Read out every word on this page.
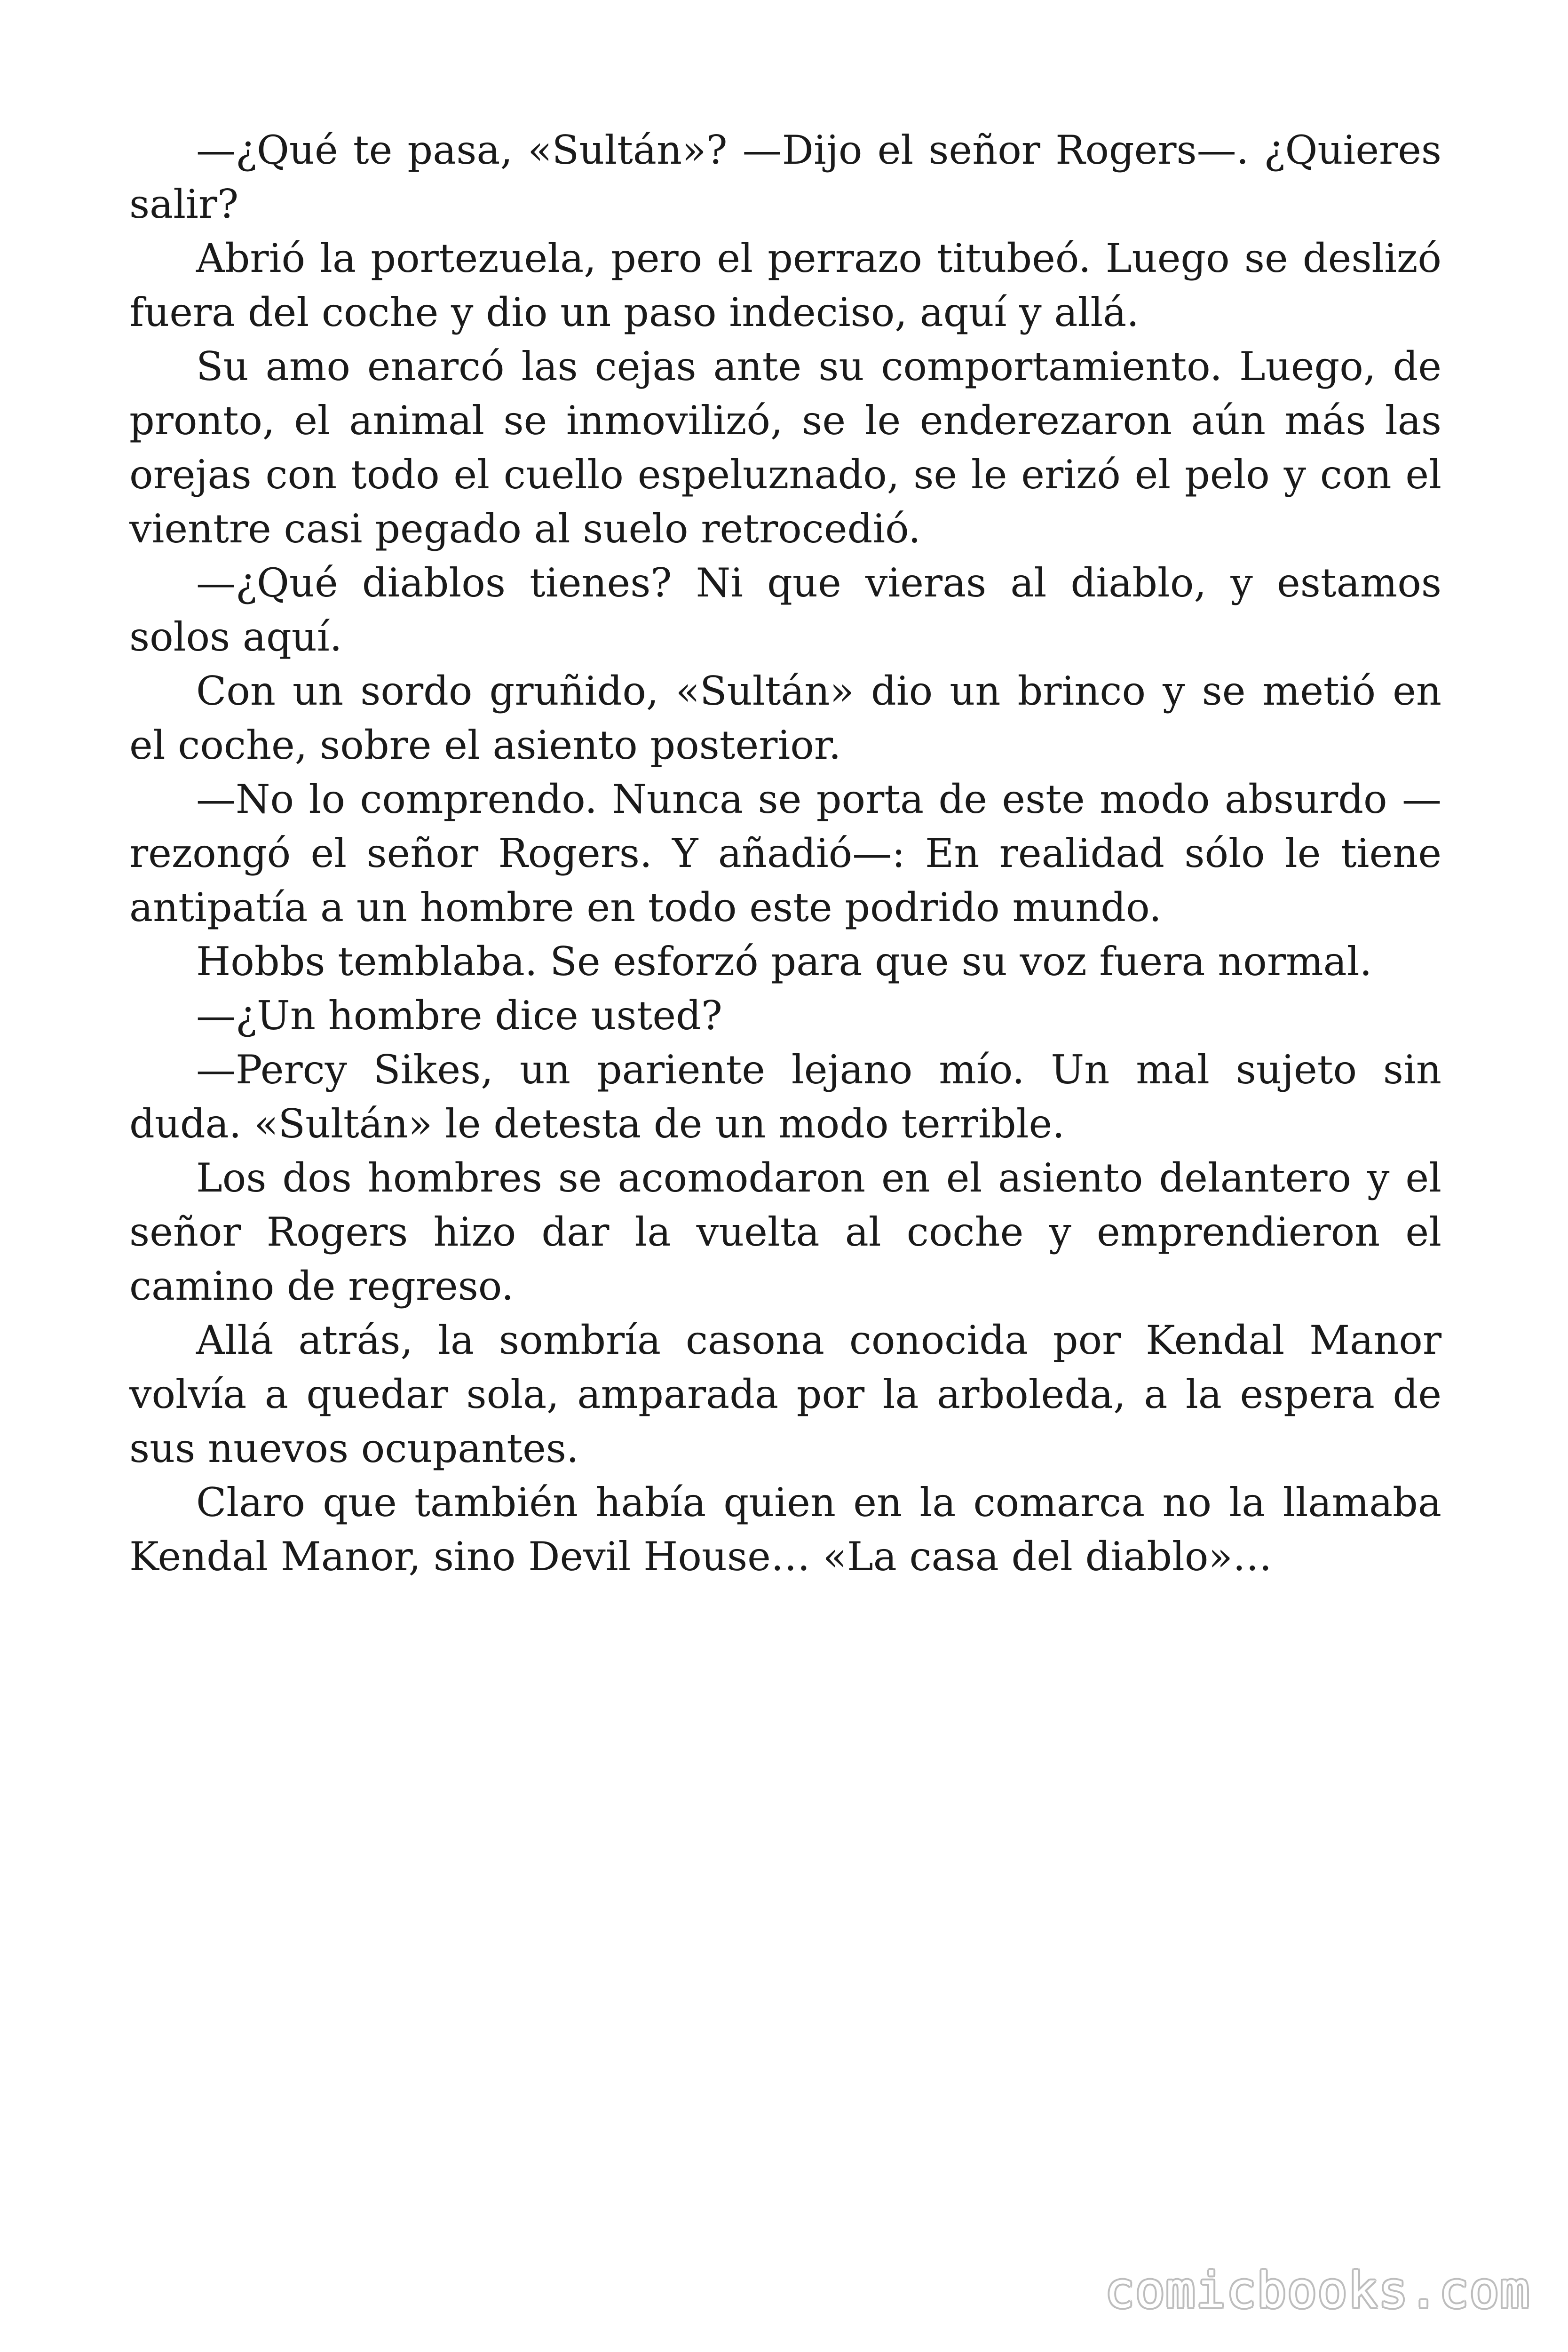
—¿Qué te pasa, «Sultán»? —Dijo el señor Rogers—. ¿Quieres salir?

Abrió la portezuela, pero el perrazo titubeó. Luego se deslizó fuera del coche y dio un paso indeciso, aquí y allá.

Su amo enarcó las cejas ante su comportamiento. Luego, de pronto, el animal se inmovilizó, se le enderezaron aún más las orejas con todo el cuello espeluznado, se le erizó el pelo y con el vientre casi pegado al suelo retrocedió.

—¿Qué diablos tienes? Ni que vieras al diablo, y estamos solos aquí.

Con un sordo gruñido, «Sultán» dio un brinco y se metió en el coche, sobre el asiento posterior.

—No lo comprendo. Nunca se porta de este modo absurdo —rezongó el señor Rogers. Y añadió—: En realidad sólo le tiene antipatía a un hombre en todo este podrido mundo.

Hobbs temblaba. Se esforzó para que su voz fuera normal.

—¿Un hombre dice usted?

—Percy Sikes, un pariente lejano mío. Un mal sujeto sin duda. «Sultán» le detesta de un modo terrible.

Los dos hombres se acomodaron en el asiento delantero y el señor Rogers hizo dar la vuelta al coche y emprendieron el camino de regreso.

Allá atrás, la sombría casona conocida por Kendal Manor volvía a quedar sola, amparada por la arboleda, a la espera de sus nuevos ocupantes.

Claro que también había quien en la comarca no la llamaba Kendal Manor, sino Devil House… «La casa del diablo»…

comicbooks.com
